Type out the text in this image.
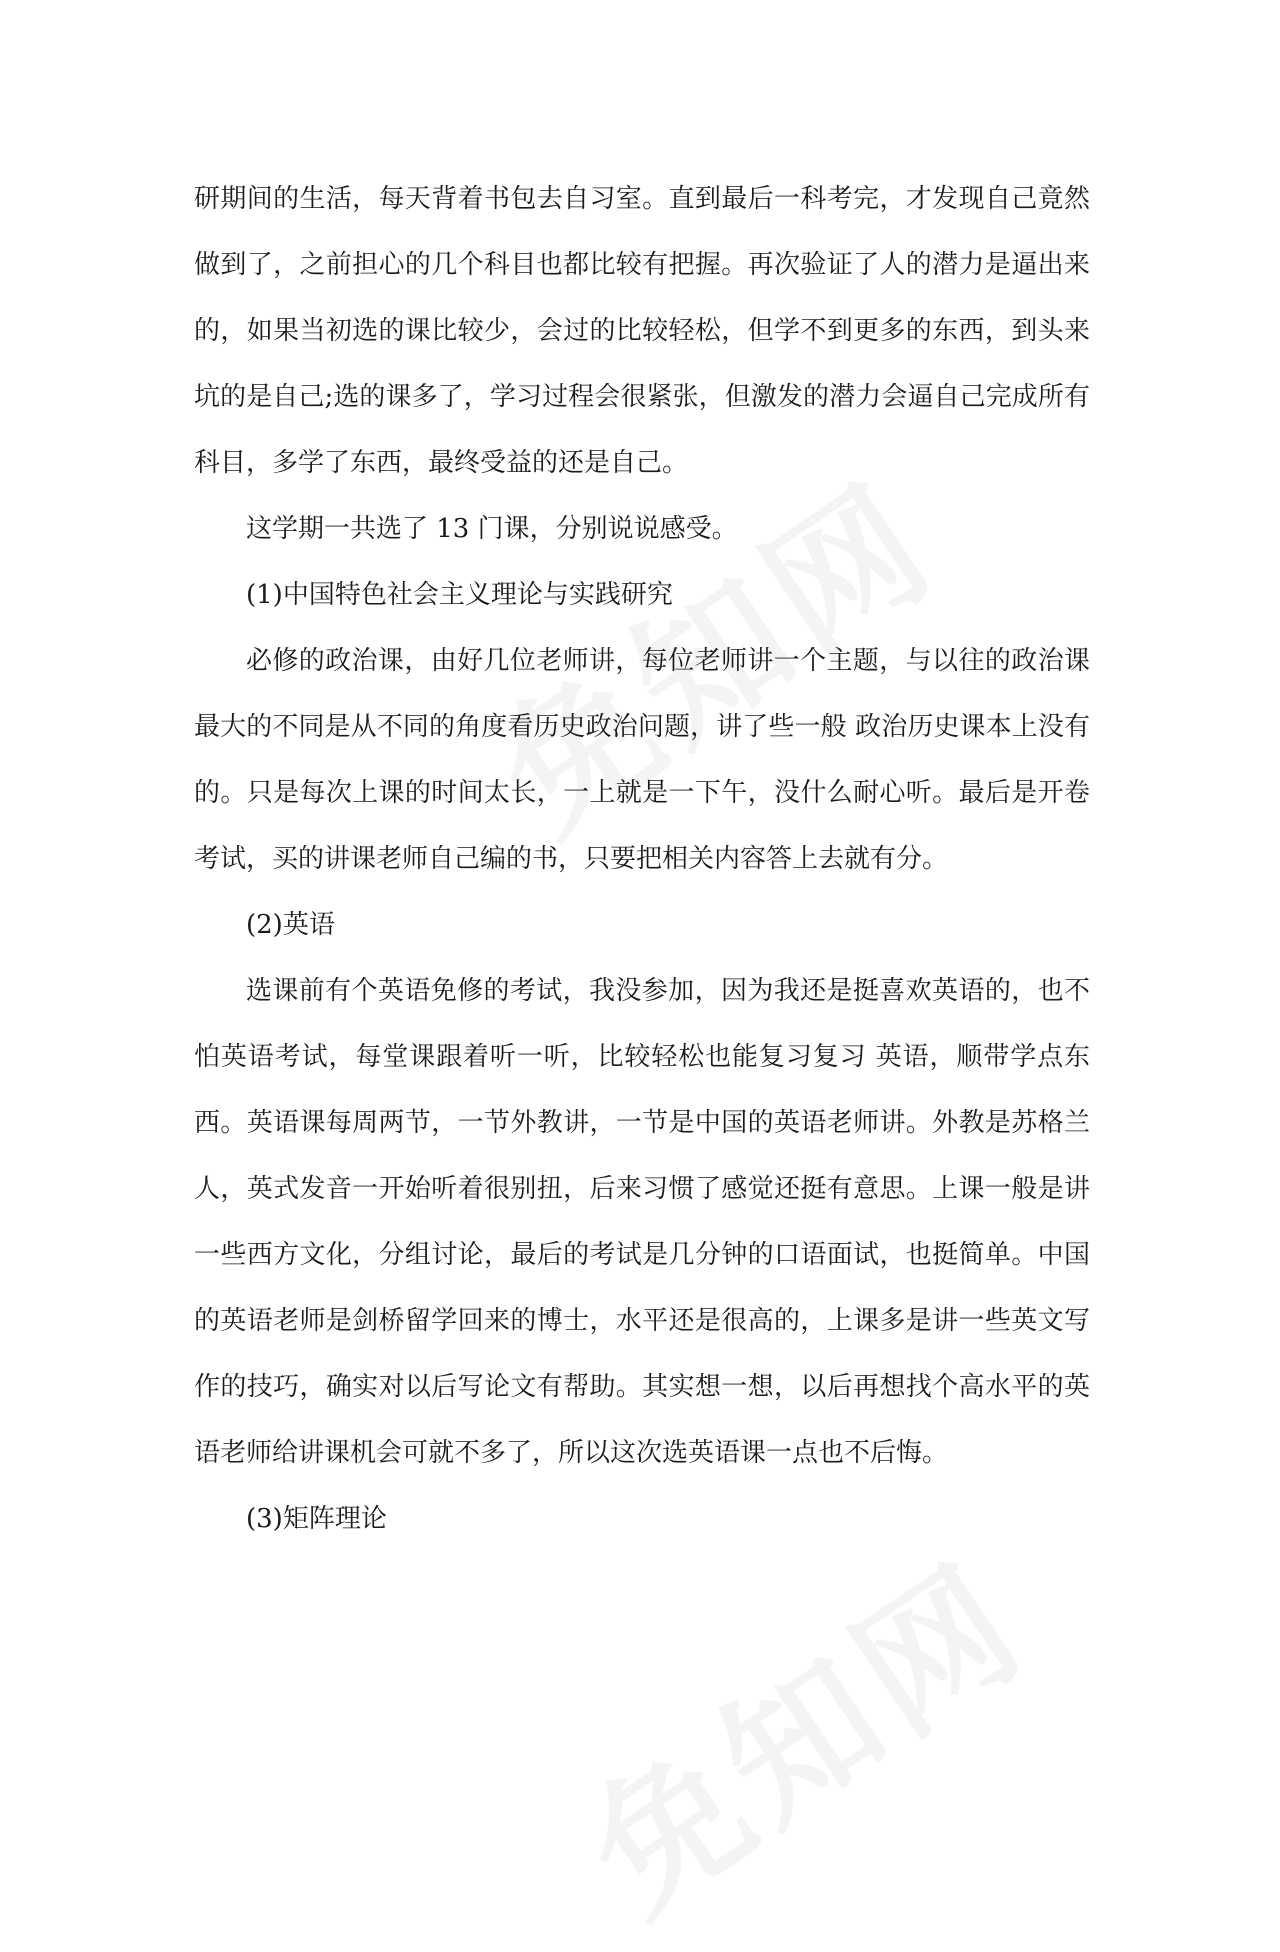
研期间的生活，每天背着书包去自习室。直到最后一科考完，才发现自己竟然做到了，之前担心的几个科目也都比较有把握。再次验证了人的潜力是逼出来的，如果当初选的课比较少，会过的比较轻松，但学不到更多的东西，到头来坑的是自己;选的课多了，学习过程会很紧张，但激发的潜力会逼自己完成所有科目，多学了东西，最终受益的还是自己。

这学期一共选了 13 门课，分别说说感受。

(1)中国特色社会主义理论与实践研究

必修的政治课，由好几位老师讲，每位老师讲一个主题，与以往的政治课最大的不同是从不同的角度看历史政治问题，讲了些一般 政治历史课本上没有的。只是每次上课的时间太长，一上就是一下午，没什么耐心听。最后是开卷考试，买的讲课老师自己编的书，只要把相关内容答上去就有分。

(2)英语

选课前有个英语免修的考试，我没参加，因为我还是挺喜欢英语的，也不怕英语考试，每堂课跟着听一听，比较轻松也能复习复习 英语，顺带学点东西。英语课每周两节，一节外教讲，一节是中国的英语老师讲。外教是苏格兰人，英式发音一开始听着很别扭，后来习惯了感觉还挺有意思。上课一般是讲一些西方文化，分组讨论，最后的考试是几分钟的口语面试，也挺简单。中国的英语老师是剑桥留学回来的博士，水平还是很高的，上课多是讲一些英文写作的技巧，确实对以后写论文有帮助。其实想一想，以后再想找个高水平的英语老师给讲课机会可就不多了，所以这次选英语课一点也不后悔。

(3)矩阵理论
